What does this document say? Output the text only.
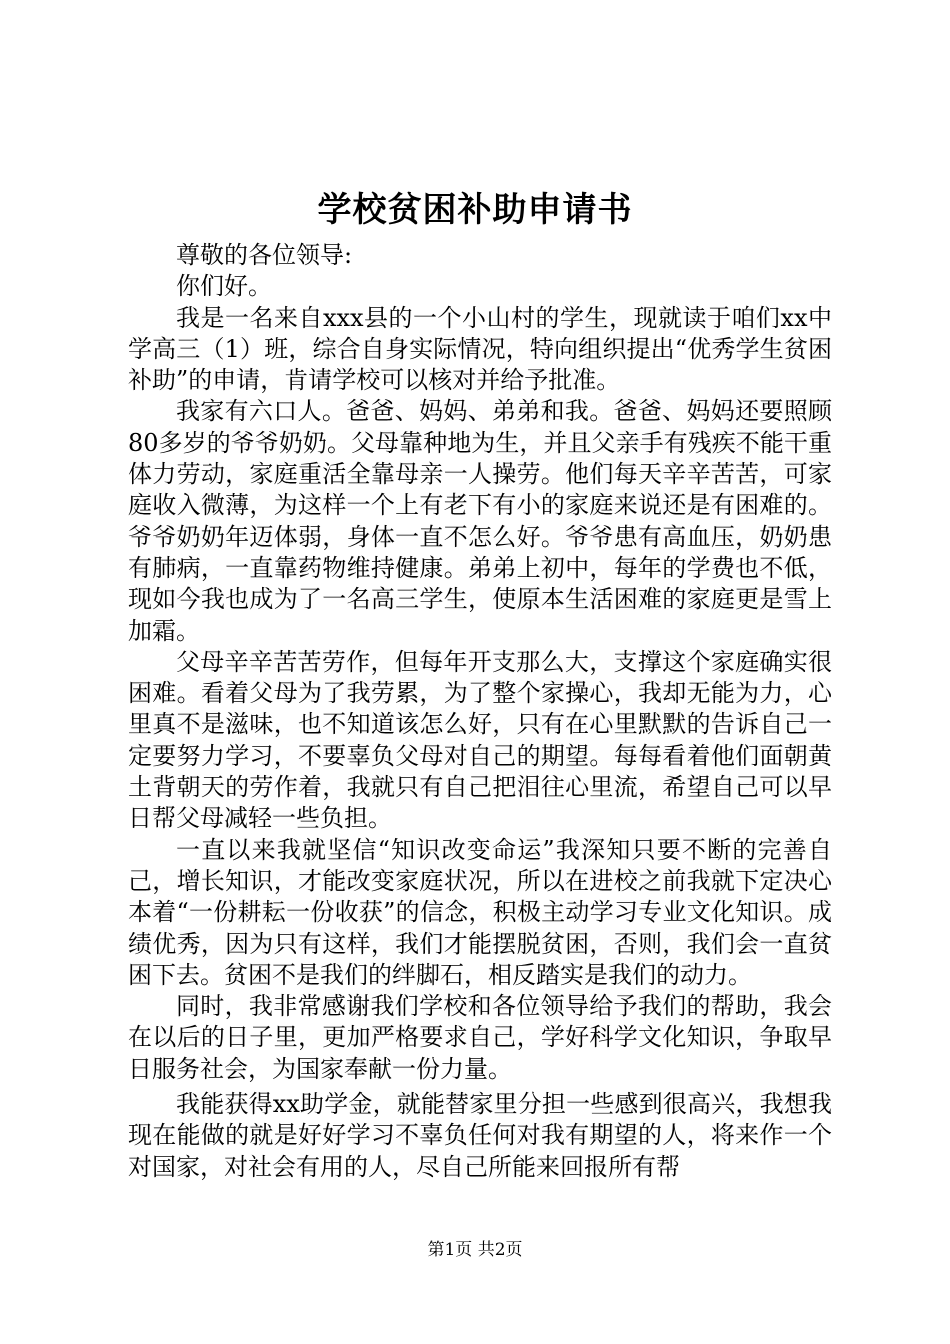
学校贫困补助申请书

尊敬的各位领导:

你们好。

我是一名来自xxx县的一个小山村的学生，现就读于咱们xx中学高三（1）班，综合自身实际情况，特向组织提出“优秀学生贫困补助”的申请，肯请学校可以核对并给予批准。

我家有六口人。爸爸、妈妈、弟弟和我。爸爸、妈妈还要照顾80多岁的爷爷奶奶。父母靠种地为生，并且父亲手有残疾不能干重体力劳动，家庭重活全靠母亲一人操劳。他们每天辛辛苦苦，可家庭收入微薄，为这样一个上有老下有小的家庭来说还是有困难的。爷爷奶奶年迈体弱，身体一直不怎么好。爷爷患有高血压，奶奶患有肺病，一直靠药物维持健康。弟弟上初中，每年的学费也不低，现如今我也成为了一名高三学生，使原本生活困难的家庭更是雪上加霜。

父母辛辛苦苦劳作，但每年开支那么大，支撑这个家庭确实很困难。看着父母为了我劳累，为了整个家操心，我却无能为力，心里真不是滋味，也不知道该怎么好，只有在心里默默的告诉自己一定要努力学习，不要辜负父母对自己的期望。每每看着他们面朝黄土背朝天的劳作着，我就只有自己把泪往心里流，希望自己可以早日帮父母减轻一些负担。

一直以来我就坚信“知识改变命运”我深知只要不断的完善自己，增长知识，才能改变家庭状况，所以在进校之前我就下定决心本着“一份耕耘一份收获”的信念，积极主动学习专业文化知识。成绩优秀，因为只有这样，我们才能摆脱贫困，否则，我们会一直贫困下去。贫困不是我们的绊脚石，相反踏实是我们的动力。

同时，我非常感谢我们学校和各位领导给予我们的帮助，我会在以后的日子里，更加严格要求自己，学好科学文化知识，争取早日服务社会，为国家奉献一份力量。

我能获得xx助学金，就能替家里分担一些感到很高兴，我想我现在能做的就是好好学习不辜负任何对我有期望的人，将来作一个对国家，对社会有用的人，尽自己所能来回报所有帮

第1页 共2页
